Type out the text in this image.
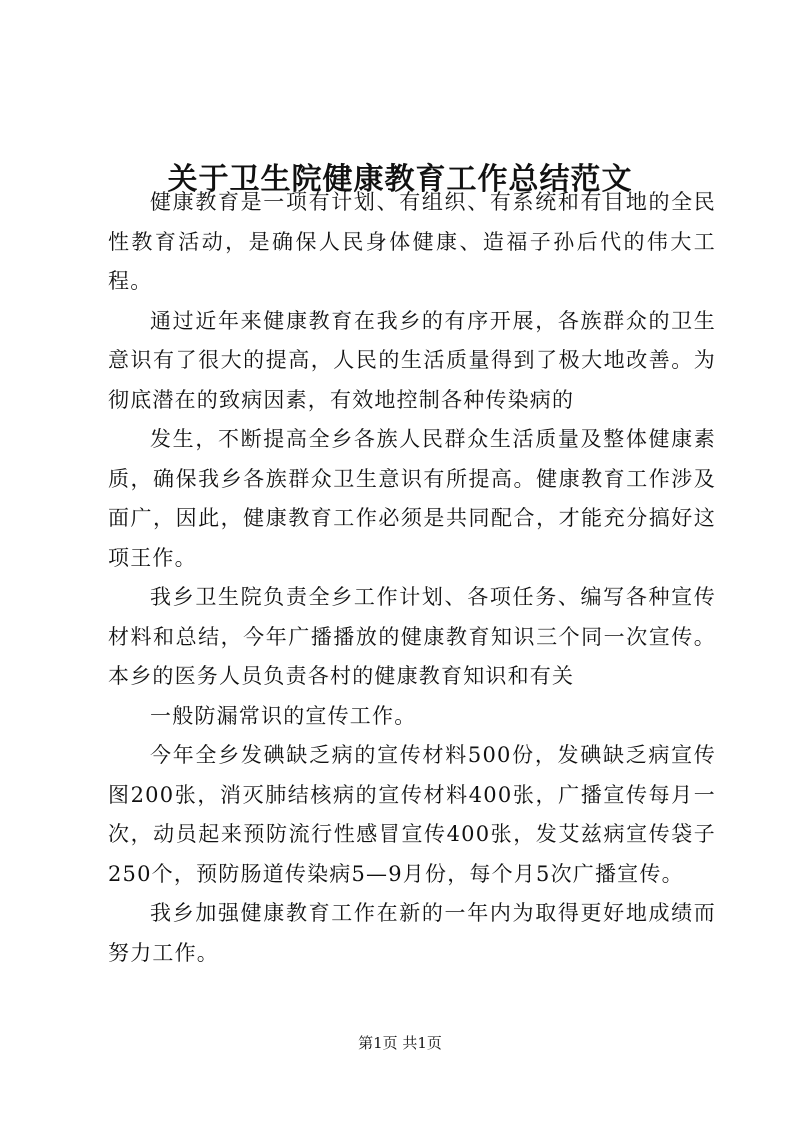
关于卫生院健康教育工作总结范文

健康教育是一项有计划、有组织、有系统和有目地的全民性教育活动，是确保人民身体健康、造福子孙后代的伟大工程。

通过近年来健康教育在我乡的有序开展，各族群众的卫生意识有了很大的提高，人民的生活质量得到了极大地改善。为彻底潜在的致病因素，有效地控制各种传染病的

发生，不断提高全乡各族人民群众生活质量及整体健康素质，确保我乡各族群众卫生意识有所提高。健康教育工作涉及面广，因此，健康教育工作必须是共同配合，才能充分搞好这项王作。

我乡卫生院负责全乡工作计划、各项任务、编写各种宣传材料和总结，今年广播播放的健康教育知识三个同一次宣传。本乡的医务人员负责各村的健康教育知识和有关

一般防漏常识的宣传工作。

今年全乡发碘缺乏病的宣传材料500份，发碘缺乏病宣传图200张，消灭肺结核病的宣传材料400张，广播宣传每月一次，动员起来预防流行性感冒宣传400张，发艾兹病宣传袋子250个，预防肠道传染病5—9月份，每个月5次广播宣传。

我乡加强健康教育工作在新的一年内为取得更好地成绩而努力工作。

第1页 共1页
